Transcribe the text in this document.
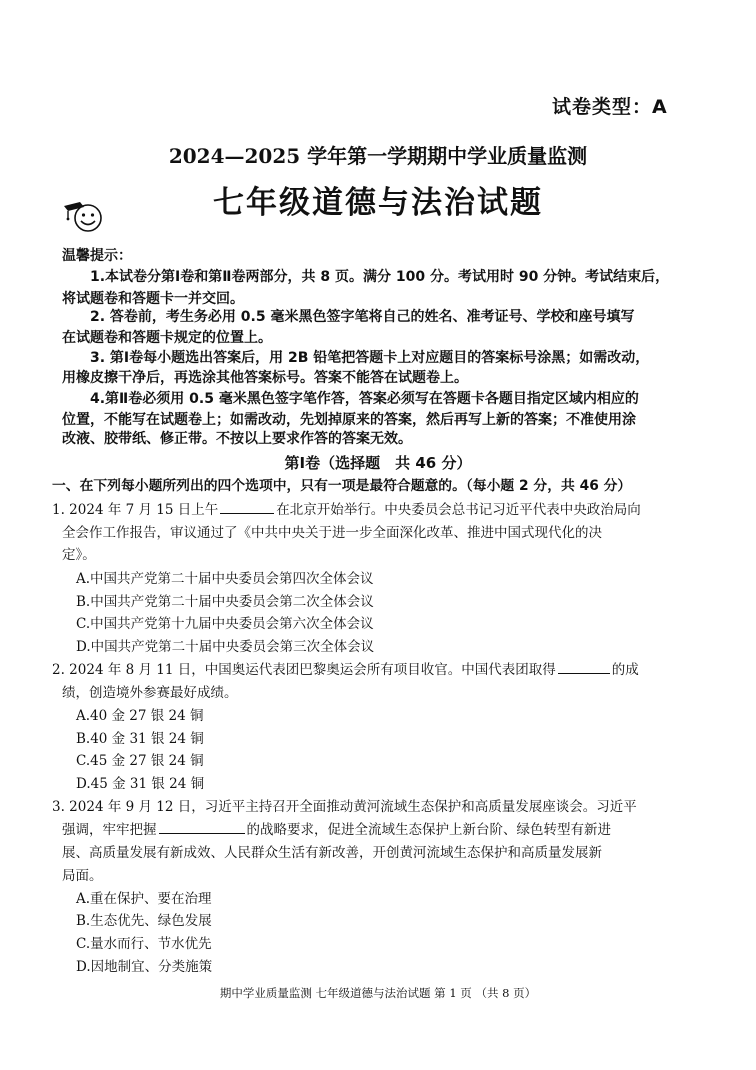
试卷类型：A
2024—2025 学年第一学期期中学业质量监测
七年级道德与法治试题
温馨提示：
1.本试卷分第Ⅰ卷和第Ⅱ卷两部分，共 8 页。满分 100 分。考试用时 90 分钟。考试结束后，
将试题卷和答题卡一并交回。
2. 答卷前，考生务必用 0.5 毫米黑色签字笔将自己的姓名、准考证号、学校和座号填写
在试题卷和答题卡规定的位置上。
3. 第Ⅰ卷每小题选出答案后，用 2B 铅笔把答题卡上对应题目的答案标号涂黑；如需改动，
用橡皮擦干净后，再选涂其他答案标号。答案不能答在试题卷上。
4.第Ⅱ卷必须用 0.5 毫米黑色签字笔作答，答案必须写在答题卡各题目指定区域内相应的
位置，不能写在试题卷上；如需改动，先划掉原来的答案，然后再写上新的答案；不准使用涂
改液、胶带纸、修正带。不按以上要求作答的答案无效。
第Ⅰ卷（选择题　共 46 分）
一、在下列每小题所列出的四个选项中，只有一项是最符合题意的。（每小题 2 分，共 46 分）
1. 2024 年 7 月 15 日上午	在北京开始举行。中央委员会总书记习近平代表中央政治局向
全会作工作报告，审议通过了《中共中央关于进一步全面深化改革、推进中国式现代化的决
定》。
A.中国共产党第二十届中央委员会第四次全体会议
B.中国共产党第二十届中央委员会第二次全体会议
C.中国共产党第十九届中央委员会第六次全体会议
D.中国共产党第二十届中央委员会第三次全体会议
2. 2024 年 8 月 11 日，中国奥运代表团巴黎奥运会所有项目收官。中国代表团取得	的成
绩，创造境外参赛最好成绩。
A.40 金 27 银 24 铜
B.40 金 31 银 24 铜
C.45 金 27 银 24 铜
D.45 金 31 银 24 铜
3. 2024 年 9 月 12 日，习近平主持召开全面推动黄河流域生态保护和高质量发展座谈会。习近平
强调，牢牢把握	的战略要求，促进全流域生态保护上新台阶、绿色转型有新进
展、高质量发展有新成效、人民群众生活有新改善，开创黄河流域生态保护和高质量发展新
局面。
A.重在保护、要在治理
B.生态优先、绿色发展
C.量水而行、节水优先
D.因地制宜、分类施策
期中学业质量监测 七年级道德与法治试题 第 1 页 （共 8 页）
